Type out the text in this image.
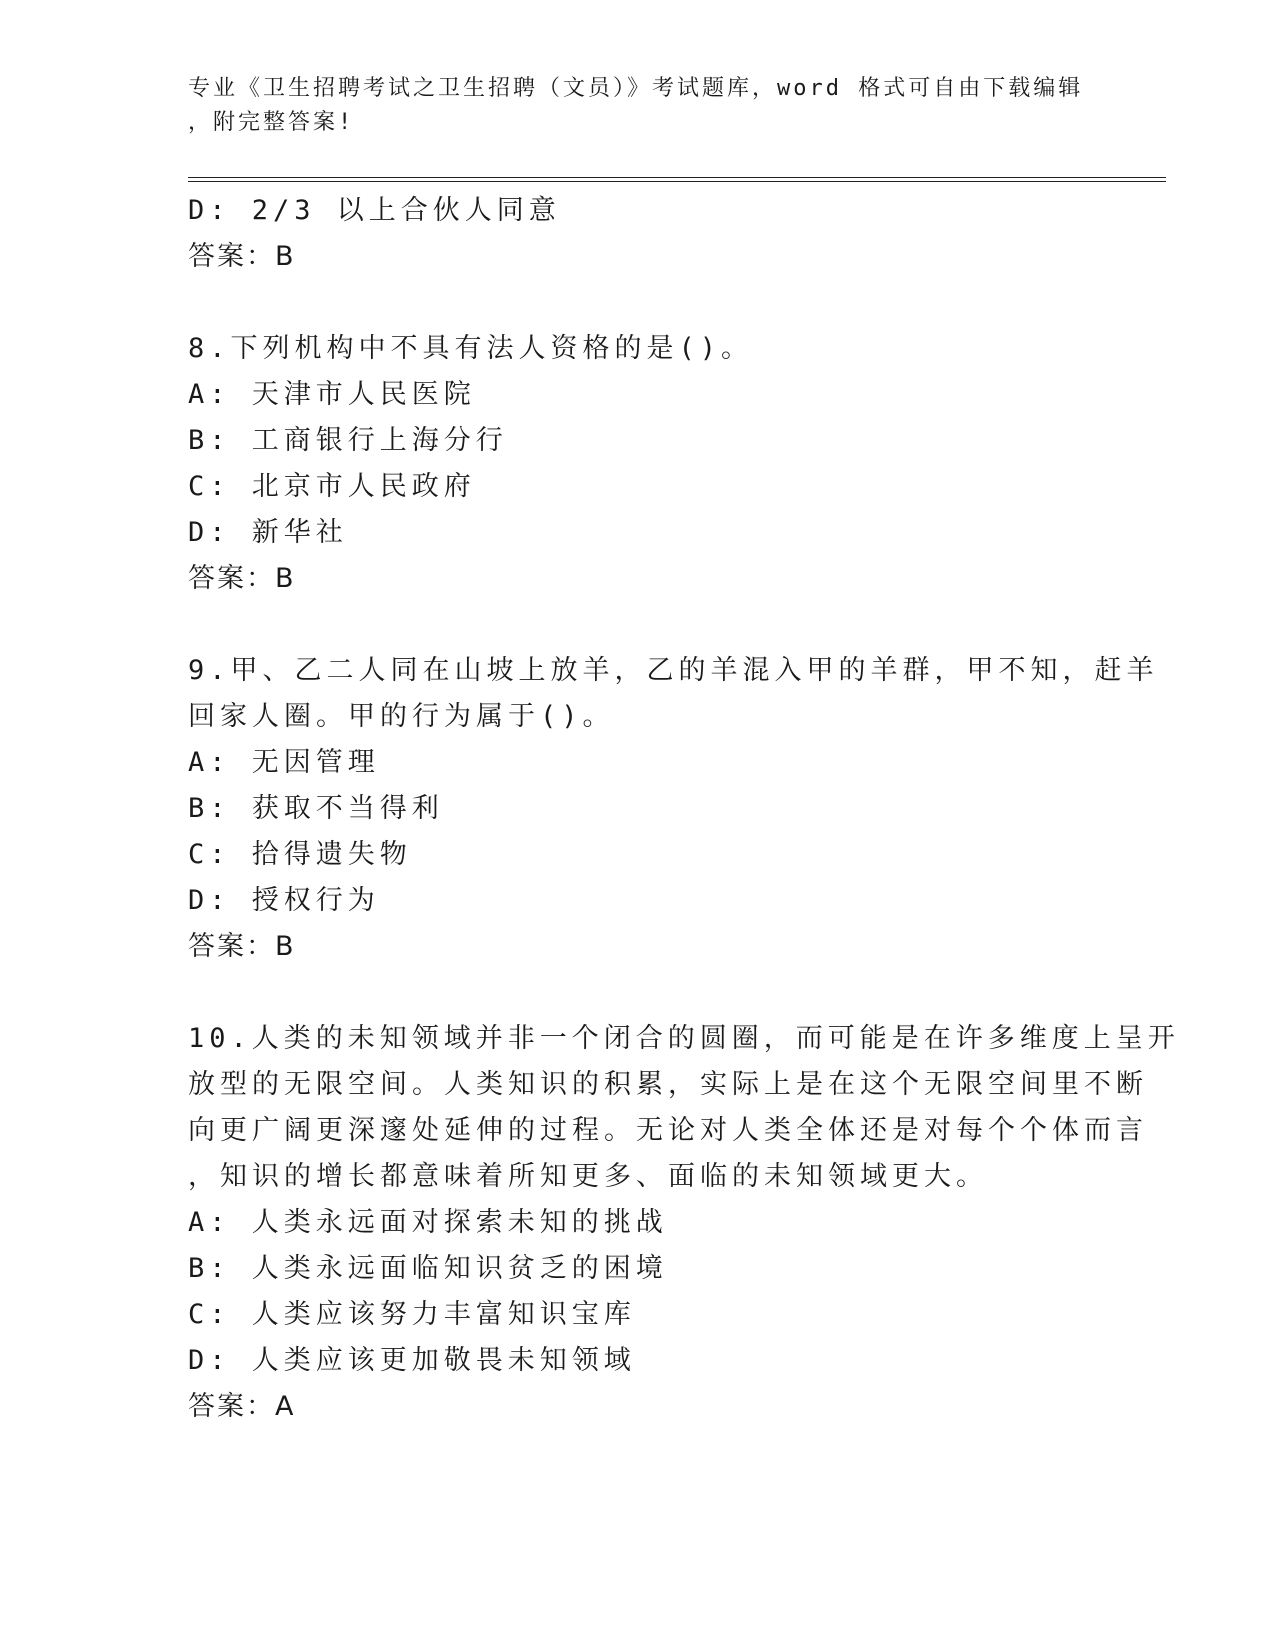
专业《卫生招聘考试之卫生招聘（文员）》考试题库，word 格式可自由下载编辑
，附完整答案!
D: 2/3 以上合伙人同意
答案：B
8.下列机构中不具有法人资格的是()。
A: 天津市人民医院
B: 工商银行上海分行
C: 北京市人民政府
D: 新华社
答案：B
9.甲、乙二人同在山坡上放羊，乙的羊混入甲的羊群，甲不知，赶羊
回家人圈。甲的行为属于()。
A: 无因管理
B: 获取不当得利
C: 拾得遗失物
D: 授权行为
答案：B
10.人类的未知领域并非一个闭合的圆圈，而可能是在许多维度上呈开
放型的无限空间。人类知识的积累，实际上是在这个无限空间里不断
向更广阔更深邃处延伸的过程。无论对人类全体还是对每个个体而言
，知识的增长都意味着所知更多、面临的未知领域更大。
A: 人类永远面对探索未知的挑战
B: 人类永远面临知识贫乏的困境
C: 人类应该努力丰富知识宝库
D: 人类应该更加敬畏未知领域
答案：A
